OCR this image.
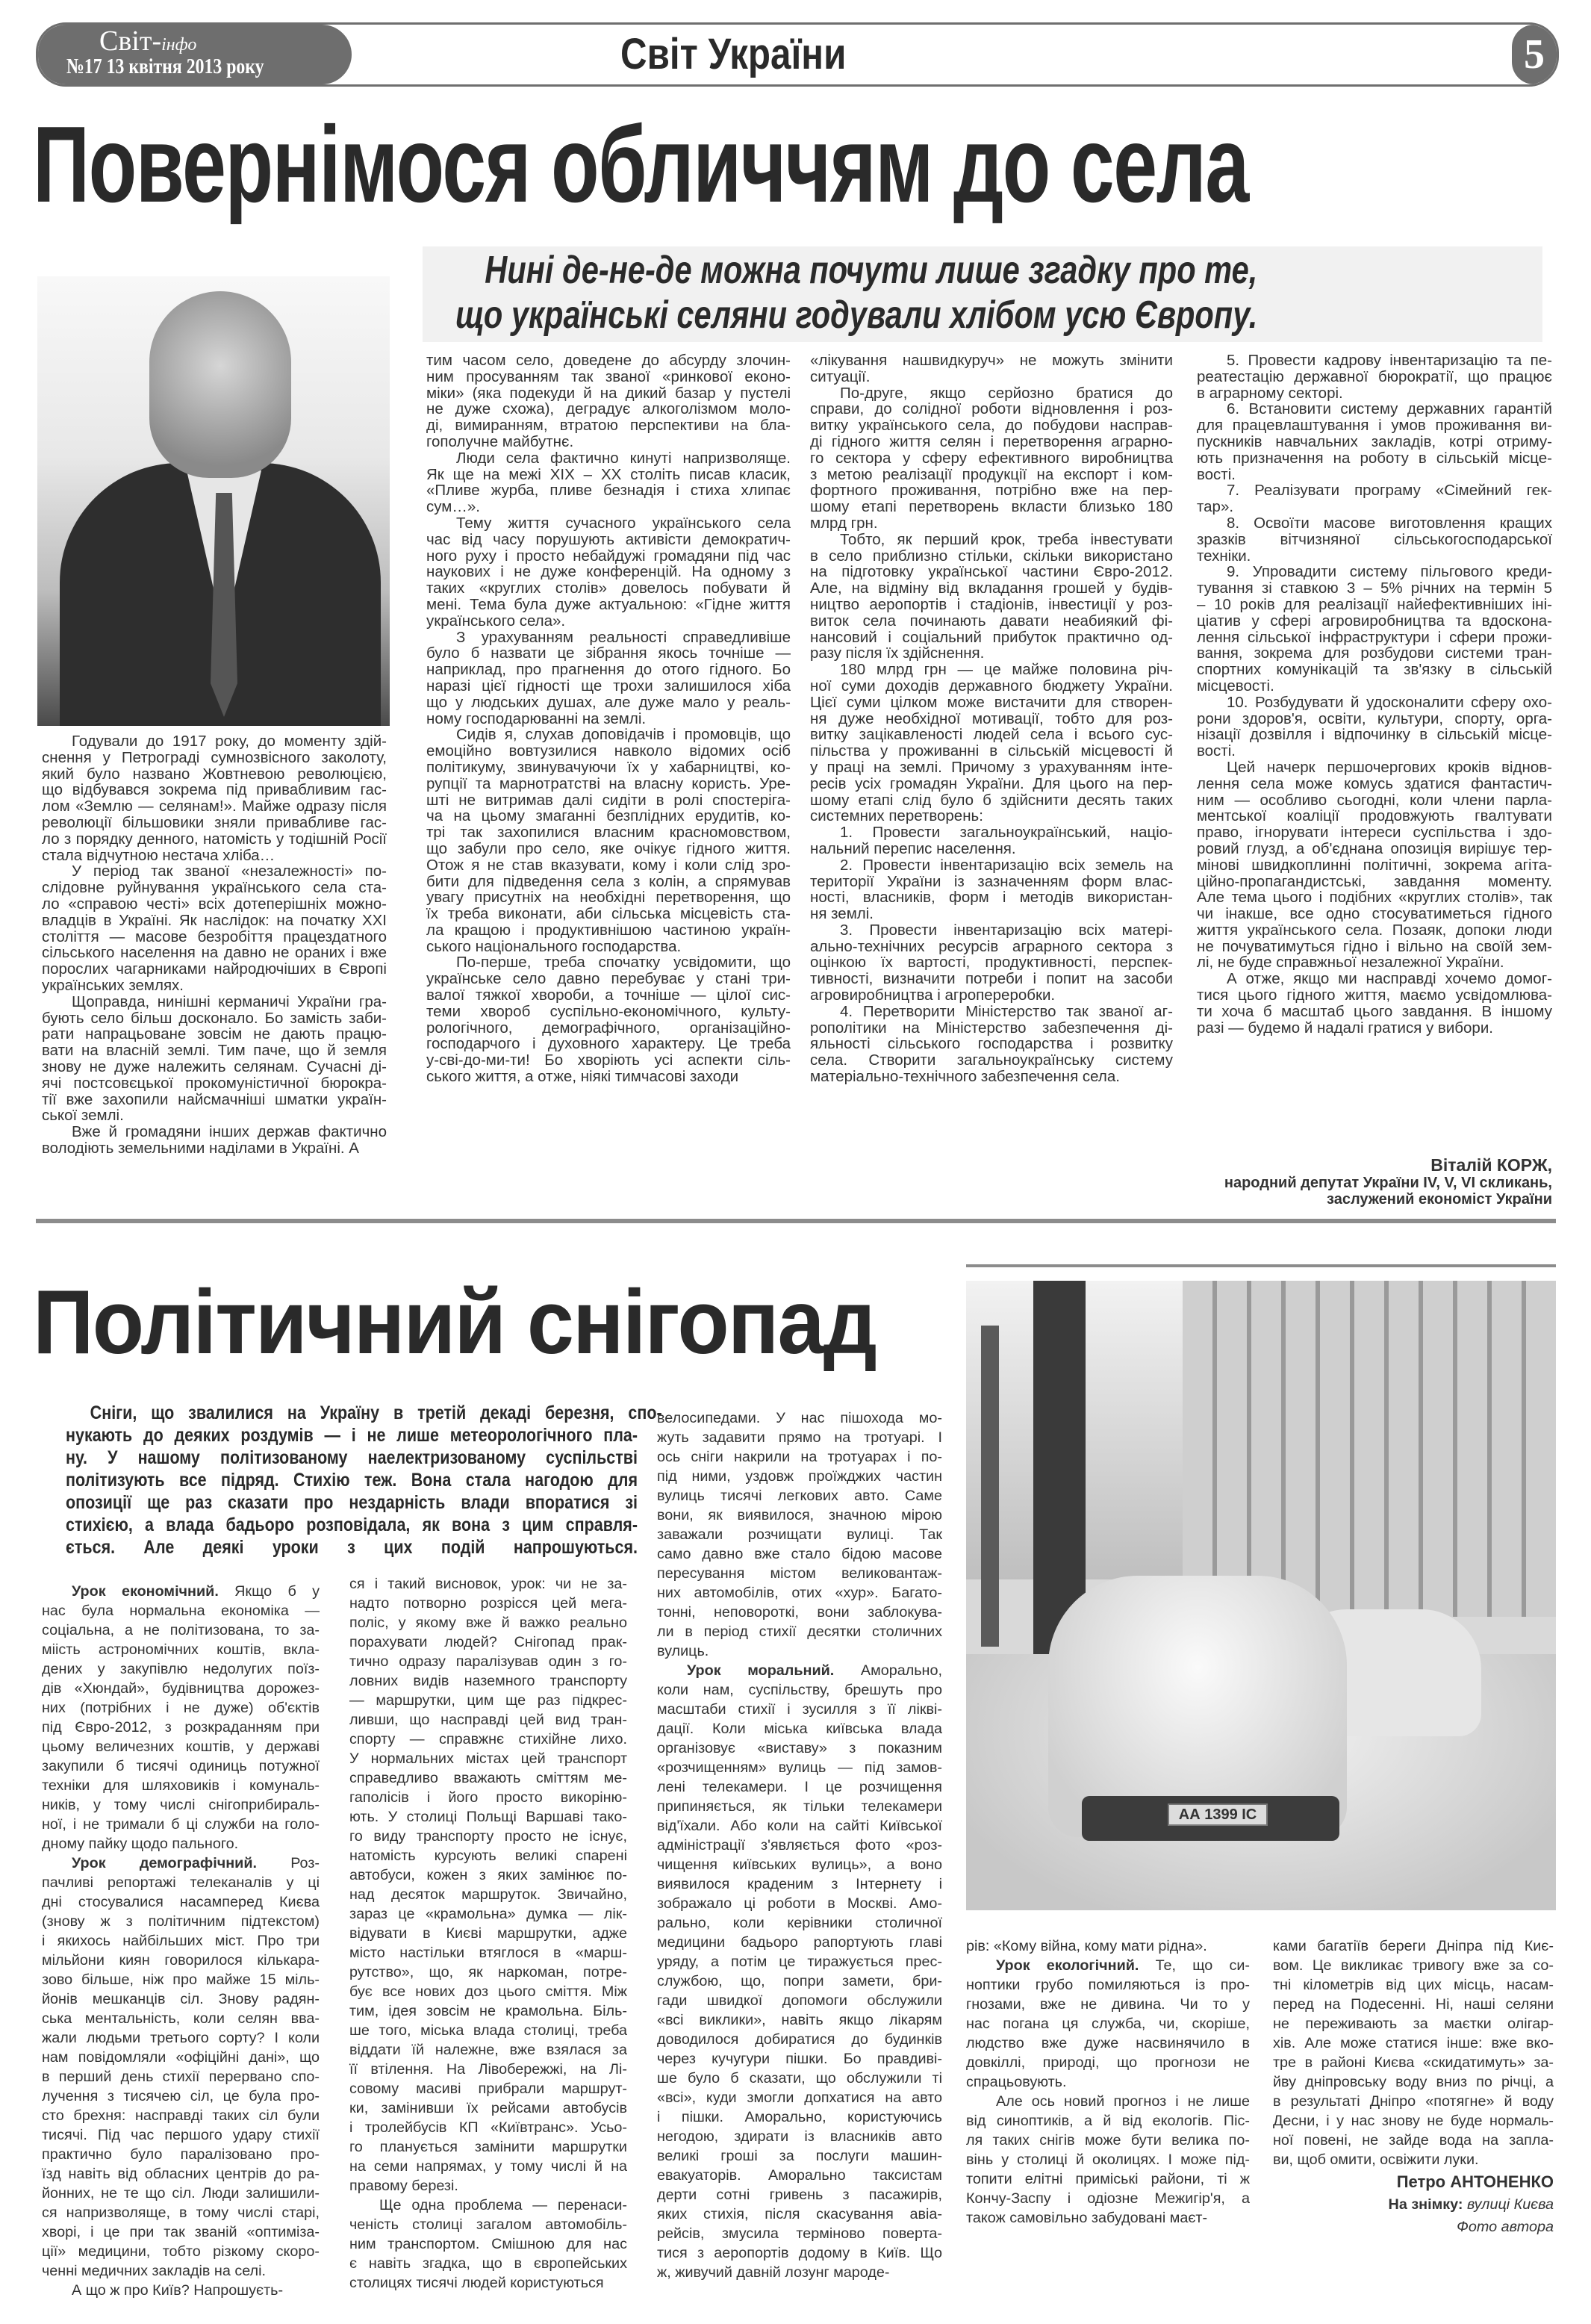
Світ-інфо
№17 13 квітня 2013 року	Світ України	5
Повернімося обличчям до села
Нині де-не-де можна почути лише згадку про те,
що українські селяни годували хлібом усю Європу.
Годували до 1917 року, до моменту здій-
снення у Петрограді сумнозвісного заколоту,
який було названо Жовтневою революцією,
що відбувався зокрема під привабливим гас-
лом «Землю — селянам!». Майже одразу після
революції більшовики зняли привабливе гас-
ло з порядку денного, натомість у тодішній Росії
стала відчутною нестача хліба…
У період так званої «незалежності» по-
слідовне руйнування українського села ста-
ло «справою честі» всіх дотеперішніх можно-
владців в Україні. Як наслідок: на початку XXI
століття — масове безробіття працездатного
сільського населення на давно не ораних і вже
порослих чагарниками найродючіших в Європі
українських землях.
Щоправда, нинішні керманичі України гра-
бують село більш досконало. Бо замість заби-
рати напрацьоване зовсім не дають працю-
вати на власній землі. Тим паче, що й земля
знову не дуже належить селянам. Сучасні ді-
ячі постсовєцької прокомуністичної бюрокра-
тії вже захопили найсмачніші шматки україн-
ської землі.
Вже й громадяни інших держав фактично
володіють земельними наділами в Україні. А
тим часом село, доведене до абсурду злочин-
ним просуванням так званої «ринкової еконо-
міки» (яка подекуди й на дикий базар у пустелі
не дуже схожа), деградує алкоголізмом моло-
ді, вимиранням, втратою перспективи на бла-
гополучне майбутнє.
Люди села фактично кинуті напризволяще.
Як ще на межі XIX – XX століть писав класик,
«Пливе журба, пливе безнадія і стиха хлипає
сум…».
Тему життя сучасного українського села
час від часу порушують активісти демократич-
ного руху і просто небайдужі громадяни під час
наукових і не дуже конференцій. На одному з
таких «круглих столів» довелось побувати й
мені. Тема була дуже актуальною: «Гідне життя
українського села».
З урахуванням реальності справедливіше
було б назвати це зібрання якось точніше —
наприклад, про прагнення до отого гідного. Бо
наразі цієї гідності ще трохи залишилося хіба
що у людських душах, але дуже мало у реаль-
ному господарюванні на землі.
Сидів я, слухав доповідачів і промовців, що
емоційно вовтузилися навколо відомих осіб
політикуму, звинувачуючи їх у хабарництві, ко-
рупції та марнотратстві на власну користь. Уре-
шті не витримав далі сидіти в ролі спостеріга-
ча на цьому змаганні безплідних ерудитів, ко-
трі так захопилися власним красномовством,
що забули про село, яке очікує гідного життя.
Отож я не став вказувати, кому і коли слід зро-
бити для підведення села з колін, а спрямував
увагу присутніх на необхідні перетворення, що
їх треба виконати, аби сільська місцевість ста-
ла кращою і продуктивнішою частиною україн-
ського національного господарства.
По-перше, треба спочатку усвідомити, що
українське село давно перебуває у стані три-
валої тяжкої хвороби, а точніше — цілої сис-
теми хвороб суспільно-економічного, культу-
рологічного, демографічного, організаційно-
господарчого і духовного характеру. Це треба
у-сві-до-ми-ти! Бо хворіють усі аспекти сіль-
ського життя, а отже, ніякі тимчасові заходи
«лікування нашвидкуруч» не можуть змінити
ситуації.
По-друге, якщо серйозно братися до
справи, до солідної роботи відновлення і роз-
витку українського села, до побудови насправ-
ді гідного життя селян і перетворення аграрно-
го сектора у сферу ефективного виробництва
з метою реалізації продукції на експорт і ком-
фортного проживання, потрібно вже на пер-
шому етапі перетворень вкласти близько 180
млрд грн.
Тобто, як перший крок, треба інвестувати
в село приблизно стільки, скільки використано
на підготовку української частини Євро-2012.
Але, на відміну від вкладання грошей у будів-
ництво аеропортів і стадіонів, інвестиції у роз-
виток села починають давати неабиякий фі-
нансовий і соціальний прибуток практично од-
разу після їх здійснення.
180 млрд грн — це майже половина річ-
ної суми доходів державного бюджету України.
Цієї суми цілком може вистачити для створен-
ня дуже необхідної мотивації, тобто для роз-
витку зацікавленості людей села і всього сус-
пільства у проживанні в сільській місцевості й
у праці на землі. Причому з урахуванням інте-
ресів усіх громадян України. Для цього на пер-
шому етапі слід було б здійснити десять таких
системних перетворень:
1. Провести загальноукраїнський, націо-
нальний перепис населення.
2. Провести інвентаризацію всіх земель на
території України із зазначенням форм влас-
ності, власників, форм і методів використан-
ня землі.
3. Провести інвентаризацію всіх матері-
ально-технічних ресурсів аграрного сектора з
оцінкою їх вартості, продуктивності, перспек-
тивності, визначити потреби і попит на засоби
агровиробництва і агропереробки.
4. Перетворити Міністерство так званої аг-
рополітики на Міністерство забезпечення ді-
яльності сільського господарства і розвитку
села. Створити загальноукраїнську систему
матеріально-технічного забезпечення села.
5. Провести кадрову інвентаризацію та пе-
реатестацію державної бюрократії, що працює
в аграрному секторі.
6. Встановити систему державних гарантій
для працевлаштування і умов проживання ви-
пускників навчальних закладів, котрі отриму-
ють призначення на роботу в сільській місце-
вості.
7. Реалізувати програму «Сімейний гек-
тар».
8. Освоїти масове виготовлення кращих
зразків вітчизняної сільськогосподарської
техніки.
9. Упровадити систему пільгового креди-
тування зі ставкою 3 – 5% річних на термін 5
– 10 років для реалізації найефективніших іні-
ціатив у сфері агровиробництва та вдоскона-
лення сільської інфраструктури і сфери прожи-
вання, зокрема для розбудови системи тран-
спортних комунікацій та зв'язку в сільській
місцевості.
10. Розбудувати й удосконалити сферу охо-
рони здоров'я, освіти, культури, спорту, орга-
нізації дозвілля і відпочинку в сільській місце-
вості.
Цей начерк першочергових кроків віднов-
лення села може комусь здатися фантастич-
ним — особливо сьогодні, коли члени парла-
ментської коаліції продовжують гвалтувати
право, ігнорувати інтереси суспільства і здо-
ровий глузд, а об'єднана опозиція вирішує тер-
мінові швидкоплинні політичні, зокрема агіта-
ційно-пропагандистські, завдання моменту.
Але тема цього і подібних «круглих столів», так
чи інакше, все одно стосуватиметься гідного
життя українського села. Позаяк, допоки люди
не почуватимуться гідно і вільно на своїй зем-
лі, не буде справжньої незалежної України.
А отже, якщо ми насправді хочемо домог-
тися цього гідного життя, маємо усвідомлюва-
ти хоча б масштаб цього завдання. В іншому
разі — будемо й надалі гратися у вибори.
Віталій КОРЖ,
народний депутат України IV, V, VI скликань,
заслужений економіст України
Політичний снігопад
Сніги, що звалилися на Україну в третій декаді березня, спо-
нукають до деяких роздумів — і не лише метеорологічного пла-
ну. У нашому політизованому наелектризованому суспільстві
політизують все підряд. Стихію теж. Вона стала нагодою для
опозиції ще раз сказати про нездарність влади впоратися зі
стихією, а влада бадьоро розповідала, як вона з цим справля-
ється. Але деякі уроки з цих подій напрошуються.
АА 1399 ІС
Урок економічний. Якщо б у
нас була нормальна економіка —
соціальна, а не політизована, то за-
міість астрономічних коштів, вкла-
дених у закупівлю недолугих поїз-
дів «Хюндай», будівництва дорожез-
них (потрібних і не дуже) об'єктів
під Євро-2012, з розкраданням при
цьому величезних коштів, у державі
закупили б тисячі одиниць потужної
техніки для шляховиків і комуналь-
ників, у тому числі снігоприбираль-
ної, і не тримали б ці служби на голо-
дному пайку щодо пального.
Урок демографічний. Роз-
пачливі репортажі телеканалів у ці
дні стосувалися насамперед Києва
(знову ж з політичним підтекстом)
і якихось найбільших міст. Про три
мільйони киян говорилося кількара-
зово більше, ніж про майже 15 міль-
йонів мешканців сіл. Знову радян-
ська ментальність, коли селян вва-
жали людьми третього сорту? І коли
нам повідомляли «офіційні дані», що
в перший день стихії перервано спо-
лучення з тисячею сіл, це була про-
сто брехня: насправді таких сіл були
тисячі. Під час першого удару стихії
практично було паралізовано про-
їзд навіть від обласних центрів до ра-
йонних, не те що сіл. Люди залишили-
ся напризволяще, в тому числі старі,
хворі, і це при так званій «оптиміза-
ції» медицини, тобто різкому скоро-
ченні медичних закладів на селі.
А що ж про Київ? Напрошуєть-
ся і такий висновок, урок: чи не за-
надто потворно розрісся цей мега-
поліс, у якому вже й важко реально
порахувати людей? Снігопад прак-
тично одразу паралізував один з го-
ловних видів наземного транспорту
— маршрутки, цим ще раз підкрес-
ливши, що насправді цей вид тран-
спорту — справжнє стихійне лихо.
У нормальних містах цей транспорт
справедливо вважають сміттям ме-
гаполісів і його просто викоріню-
ють. У столиці Польщі Варшаві тако-
го виду транспорту просто не існує,
натомість курсують великі спарені
автобуси, кожен з яких замінює по-
над десяток маршруток. Звичайно,
зараз це «крамольна» думка — лік-
відувати в Києві маршрутки, адже
місто настільки втяглося в «марш-
рутство», що, як наркоман, потре-
бує все нових доз цього сміття. Між
тим, ідея зовсім не крамольна. Біль-
ше того, міська влада столиці, треба
віддати їй належне, вже взялася за
її втілення. На Лівобережжі, на Лі-
совому масиві прибрали маршрут-
ки, замінивши їх рейсами автобусів
і тролейбусів КП «Київтранс». Усьо-
го планується замінити маршрутки
на семи напрямах, у тому числі й на
правому березі.
Ще одна проблема — перенаси-
ченість столиці загалом автомобіль-
ним транспортом. Смішною для нас
є навіть згадка, що в європейських
столицях тисячі людей користуються
велосипедами. У нас пішохода мо-
жуть задавити прямо на тротуарі. І
ось сніги накрили на тротуарах і по-
під ними, уздовж проїжджих частин
вулиць тисячі легкових авто. Саме
вони, як виявилося, значною мірою
заважали розчищати вулиці. Так
само давно вже стало бідою масове
пересування містом великовантаж-
них автомобілів, отих «хур». Багато-
тонні, неповороткі, вони заблокува-
ли в період стихії десятки столичних
вулиць.
Урок моральний. Аморально,
коли нам, суспільству, брешуть про
масштаби стихії і зусилля з її лікві-
дації. Коли міська київська влада
організовує «виставу» з показним
«розчищенням» вулиць — під замов-
лені телекамери. І це розчищення
припиняється, як тільки телекамери
від'їхали. Або коли на сайті Київської
адміністрації з'являється фото «роз-
чищення київських вулиць», а воно
виявилося краденим з Інтернету і
зображало ці роботи в Москві. Амо-
рально, коли керівники столичної
медицини бадьоро рапортують главі
уряду, а потім це тиражується прес-
службою, що, попри замети, бри-
гади швидкої допомоги обслужили
«всі виклики», навіть якщо лікарям
доводилося добиратися до будинків
через кучугури пішки. Бо правдиві-
ше було б сказати, що обслужили ті
«всі», куди змогли допхатися на авто
і пішки. Аморально, користуючись
негодою, здирати із власників авто
великі гроші за послуги машин-
евакуаторів. Аморально таксистам
дерти сотні гривень з пасажирів,
яких стихія, після скасування авіа-
рейсів, змусила терміново поверта-
тися з аеропортів додому в Київ. Що
ж, живучий давній лозунг мароде-
рів: «Кому війна, кому мати рідна».
Урок екологічний. Те, що си-
ноптики грубо помиляються із про-
гнозами, вже не дивина. Чи то у
нас погана ця служба, чи, скоріше,
людство вже дуже насвинячило в
довкіллі, природі, що прогнози не
спрацьовують.
Але ось новий прогноз і не лише
від синоптиків, а й від екологів. Піс-
ля таких снігів може бути велика по-
вінь у столиці й околицях. І може під-
топити елітні приміські райони, ті ж
Кончу-Заспу і одіозне Межигір'я, а
також самовільно забудовані маєт-
ками багатіїв береги Дніпра під Киє-
вом. Це викликає тривогу вже за со-
тні кілометрів від цих місць, насам-
перед на Подесенні. Ні, наші селяни
не переживають за маєтки олігар-
хів. Але може статися інше: вже вко-
тре в районі Києва «скидатимуть» за-
йву дніпровську воду вниз по річці, а
в результаті Дніпро «потягне» й воду
Десни, і у нас знову не буде нормаль-
ної повені, не зайде вода на запла-
ви, щоб омити, освіжити луки.
Петро АНТОНЕНКО
На знімку: вулиці Києва
Фото автора
